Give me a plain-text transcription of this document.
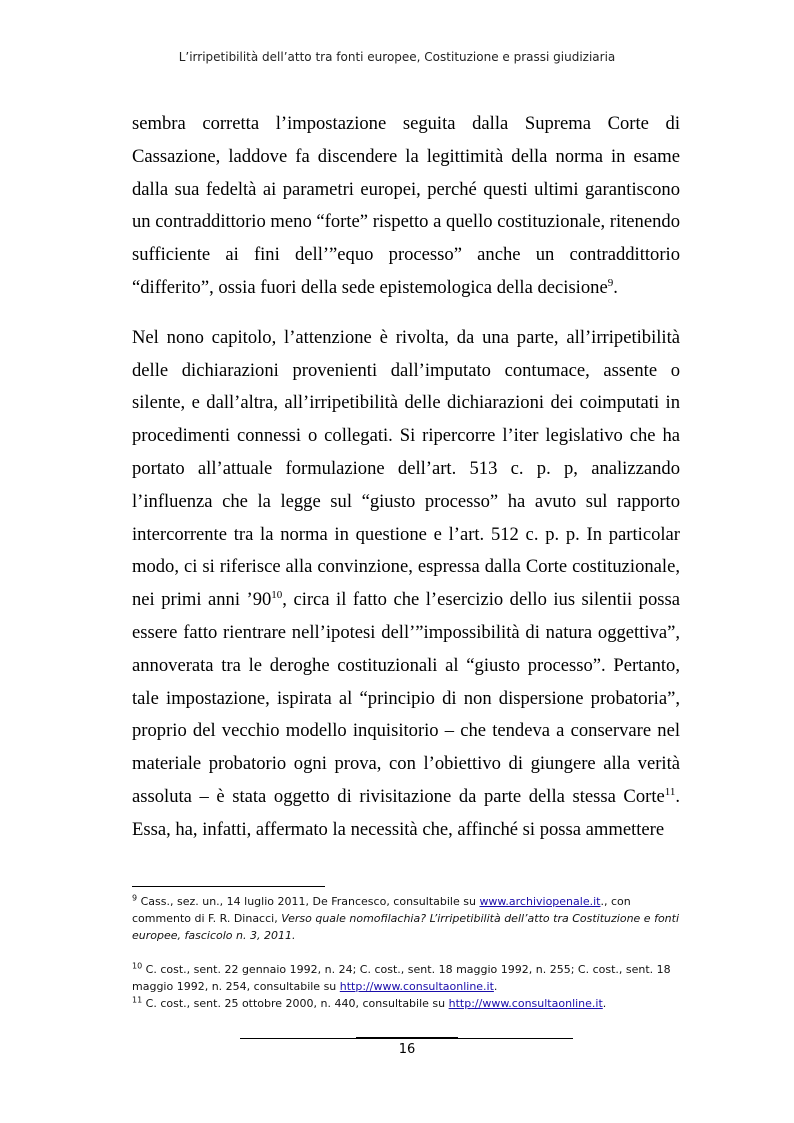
L’irripetibilità dell’atto tra fonti europee, Costituzione e prassi giudiziaria

sembra corretta l’impostazione seguita dalla Suprema Corte di Cassazione, laddove fa discendere la legittimità della norma in esame dalla sua fedeltà ai parametri europei, perché questi ultimi garantiscono un contraddittorio meno “forte” rispetto a quello costituzionale, ritenendo sufficiente ai fini dell’”equo processo” anche un contraddittorio “differito”, ossia fuori della sede epistemologica della decisione$^9$.

Nel nono capitolo, l’attenzione è rivolta, da una parte, all’irripetibilità delle dichiarazioni provenienti dall’imputato contumace, assente o silente, e dall’altra, all’irripetibilità delle dichiarazioni dei coimputati in procedimenti connessi o collegati. Si ripercorre l’iter legislativo che ha portato all’attuale formulazione dell’art. 513 c. p. p, analizzando l’influenza che la legge sul “giusto processo” ha avuto sul rapporto intercorrente tra la norma in questione e l’art. 512 c. p. p. In particolar modo, ci si riferisce alla convinzione, espressa dalla Corte costituzionale, nei primi anni $’90^{10}$, circa il fatto che l’esercizio dello ius silentii possa essere fatto rientrare nell’ipotesi dell’”impossibilità di natura oggettiva”, annoverata tra le deroghe costituzionali al “giusto processo”. Pertanto, tale impostazione, ispirata al “principio di non dispersione probatoria”, proprio del vecchio modello inquisitorio – che tendeva a conservare nel materiale probatorio ogni prova, con l’obiettivo di giungere alla verità assoluta – è stata oggetto di rivisitazione da parte della stessa Corte$^{11}$. Essa, ha, infatti, affermato la necessità che, affinché si possa ammettere

$^9$ Cass., sez. un., 14 luglio 2011, De Francesco, consultabile su www.archiviopenale.it., con commento di F. R. Dinacci, Verso quale nomofilachia? L’irripetibilità dell’atto tra Costituzione e fonti europee, fascicolo n. 3, 2011.

$^{10}$ C. cost., sent. 22 gennaio 1992, n. 24; C. cost., sent. 18 maggio 1992, n. 255; C. cost., sent. 18 maggio 1992, n. 254, consultabile su http://www.consultaonline.it.

$^{11}$ C. cost., sent. 25 ottobre 2000, n. 440, consultabile su http://www.consultaonline.it.

16
